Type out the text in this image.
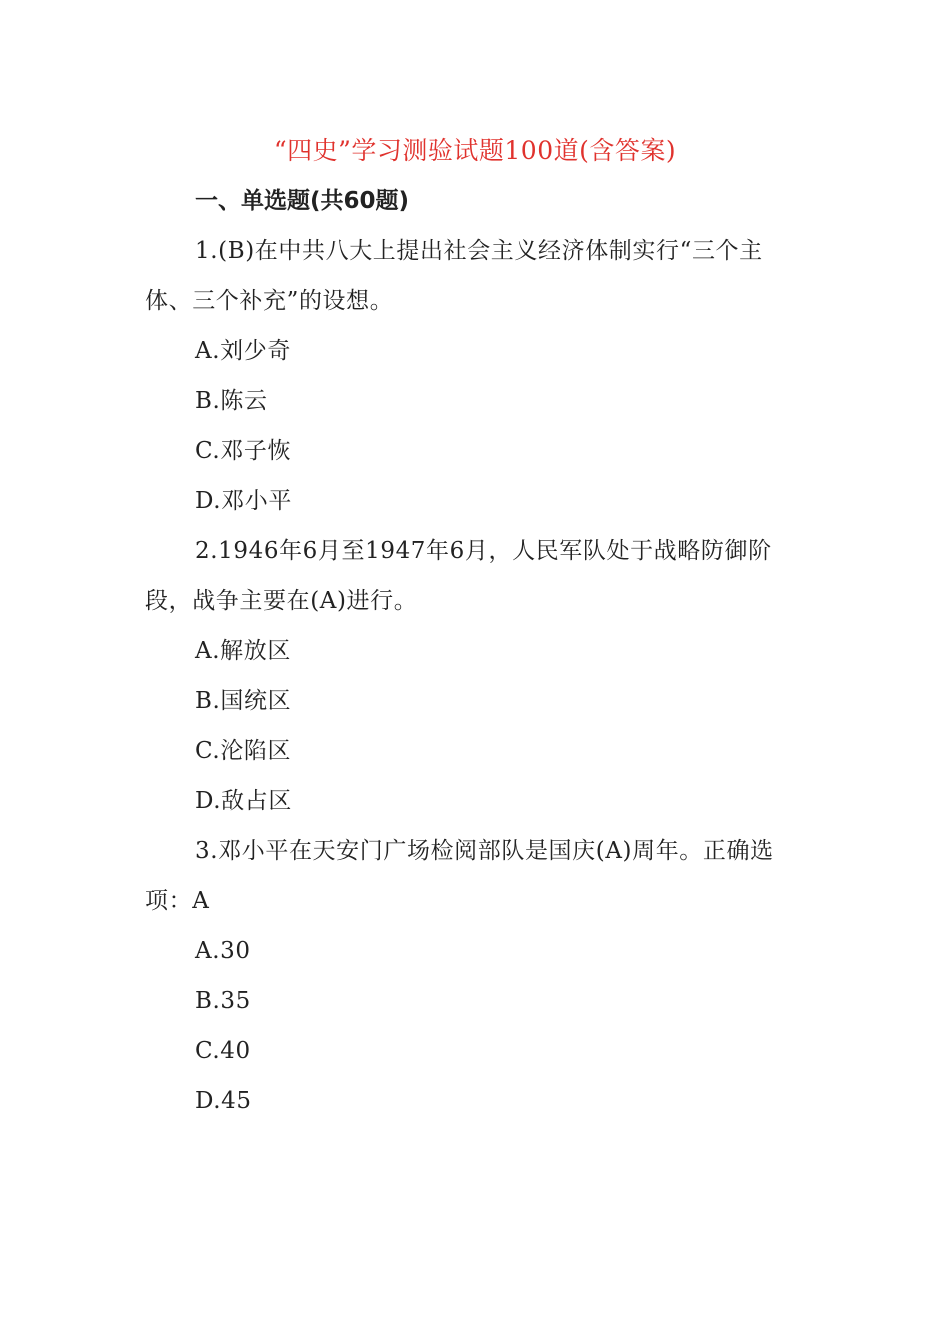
“四史”学习测验试题100道(含答案)
一、单选题(共60题)

1.(B)在中共八大上提出社会主义经济体制实行“三个主体、三个补充”的设想。

A.刘少奇

B.陈云

C.邓子恢

D.邓小平

2.1946年6月至1947年6月，人民军队处于战略防御阶段，战争主要在(A)进行。

A.解放区

B.国统区

C.沦陷区

D.敌占区

3.邓小平在天安门广场检阅部队是国庆(A)周年。正确选项：A

A.30

B.35

C.40

D.45
